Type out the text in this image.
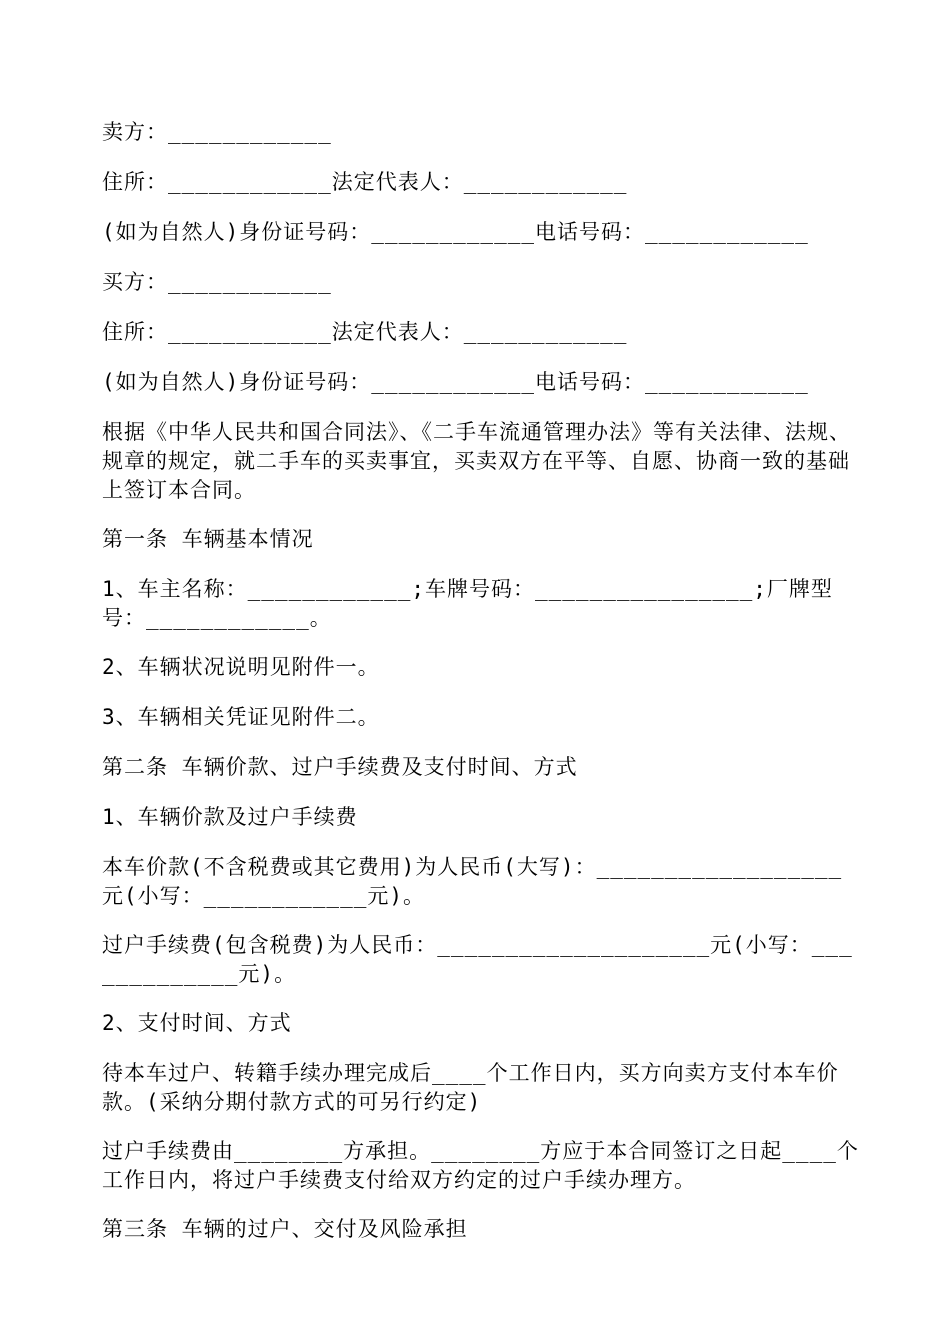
卖方：____________

住所：____________法定代表人：____________

(如为自然人)身份证号码：____________电话号码：____________

买方：____________

住所：____________法定代表人：____________

(如为自然人)身份证号码：____________电话号码：____________

根据《中华人民共和国合同法》、《二手车流通管理办法》等有关法律、法规、规章的规定，就二手车的买卖事宜，买卖双方在平等、自愿、协商一致的基础上签订本合同。

第一条 车辆基本情况

1、车主名称：____________;车牌号码：________________;厂牌型号：____________。

2、车辆状况说明见附件一。

3、车辆相关凭证见附件二。

第二条 车辆价款、过户手续费及支付时间、方式

1、车辆价款及过户手续费

本车价款(不含税费或其它费用)为人民币(大写)：__________________元(小写：____________元)。

过户手续费(包含税费)为人民币：____________________元(小写：_____________元)。

2、支付时间、方式

待本车过户、转籍手续办理完成后____个工作日内，买方向卖方支付本车价款。(采纳分期付款方式的可另行约定)

过户手续费由________方承担。________方应于本合同签订之日起____个工作日内，将过户手续费支付给双方约定的过户手续办理方。

第三条 车辆的过户、交付及风险承担
